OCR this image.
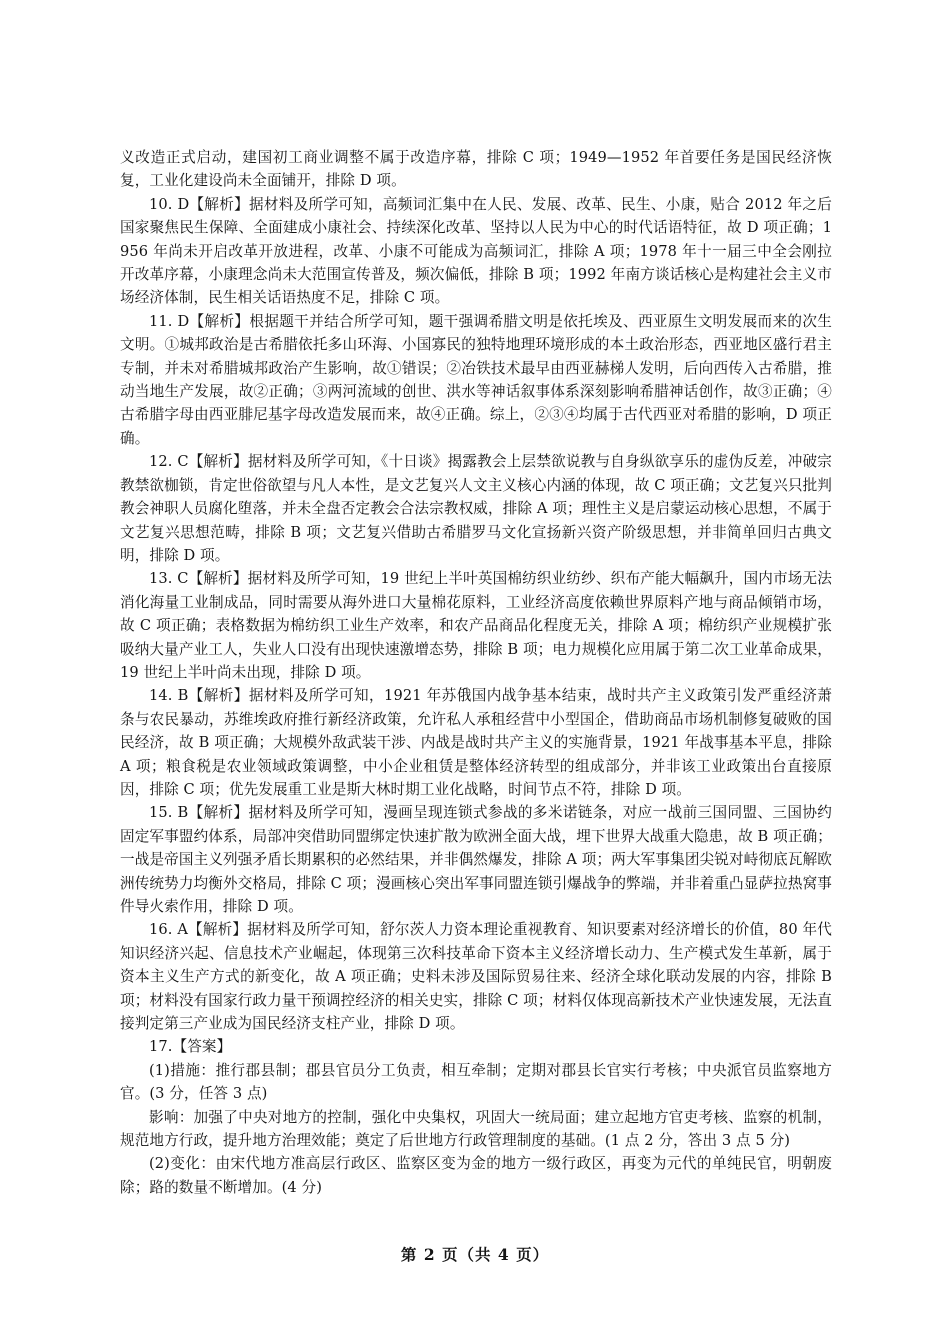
义改造正式启动，建国初工商业调整不属于改造序幕，排除 C 项；1949—1952 年首要任务是国民经济恢复，工业化建设尚未全面铺开，排除 D 项。

10. D【解析】据材料及所学可知，高频词汇集中在人民、发展、改革、民生、小康，贴合 2012 年之后国家聚焦民生保障、全面建成小康社会、持续深化改革、坚持以人民为中心的时代话语特征，故 D 项正确；1956 年尚未开启改革开放进程，改革、小康不可能成为高频词汇，排除 A 项；1978 年十一届三中全会刚拉开改革序幕，小康理念尚未大范围宣传普及，频次偏低，排除 B 项；1992 年南方谈话核心是构建社会主义市场经济体制，民生相关话语热度不足，排除 C 项。

11. D【解析】根据题干并结合所学可知，题干强调希腊文明是依托埃及、西亚原生文明发展而来的次生文明。①城邦政治是古希腊依托多山环海、小国寡民的独特地理环境形成的本土政治形态，西亚地区盛行君主专制，并未对希腊城邦政治产生影响，故①错误；②冶铁技术最早由西亚赫梯人发明，后向西传入古希腊，推动当地生产发展，故②正确；③两河流域的创世、洪水等神话叙事体系深刻影响希腊神话创作，故③正确；④古希腊字母由西亚腓尼基字母改造发展而来，故④正确。综上，②③④均属于古代西亚对希腊的影响，D 项正确。

12. C【解析】据材料及所学可知，《十日谈》揭露教会上层禁欲说教与自身纵欲享乐的虚伪反差，冲破宗教禁欲枷锁，肯定世俗欲望与凡人本性，是文艺复兴人文主义核心内涵的体现，故 C 项正确；文艺复兴只批判教会神职人员腐化堕落，并未全盘否定教会合法宗教权威，排除 A 项；理性主义是启蒙运动核心思想，不属于文艺复兴思想范畴，排除 B 项；文艺复兴借助古希腊罗马文化宣扬新兴资产阶级思想，并非简单回归古典文明，排除 D 项。

13. C【解析】据材料及所学可知，19 世纪上半叶英国棉纺织业纺纱、织布产能大幅飙升，国内市场无法消化海量工业制成品，同时需要从海外进口大量棉花原料，工业经济高度依赖世界原料产地与商品倾销市场，故 C 项正确；表格数据为棉纺织工业生产效率，和农产品商品化程度无关，排除 A 项；棉纺织产业规模扩张吸纳大量产业工人，失业人口没有出现快速激增态势，排除 B 项；电力规模化应用属于第二次工业革命成果，19 世纪上半叶尚未出现，排除 D 项。

14. B【解析】据材料及所学可知，1921 年苏俄国内战争基本结束，战时共产主义政策引发严重经济萧条与农民暴动，苏维埃政府推行新经济政策，允许私人承租经营中小型国企，借助商品市场机制修复破败的国民经济，故 B 项正确；大规模外敌武装干涉、内战是战时共产主义的实施背景，1921 年战事基本平息，排除 A 项；粮食税是农业领域政策调整，中小企业租赁是整体经济转型的组成部分，并非该工业政策出台直接原因，排除 C 项；优先发展重工业是斯大林时期工业化战略，时间节点不符，排除 D 项。

15. B【解析】据材料及所学可知，漫画呈现连锁式参战的多米诺链条，对应一战前三国同盟、三国协约固定军事盟约体系，局部冲突借助同盟绑定快速扩散为欧洲全面大战，埋下世界大战重大隐患，故 B 项正确；一战是帝国主义列强矛盾长期累积的必然结果，并非偶然爆发，排除 A 项；两大军事集团尖锐对峙彻底瓦解欧洲传统势力均衡外交格局，排除 C 项；漫画核心突出军事同盟连锁引爆战争的弊端，并非着重凸显萨拉热窝事件导火索作用，排除 D 项。

16. A【解析】据材料及所学可知，舒尔茨人力资本理论重视教育、知识要素对经济增长的价值，80 年代知识经济兴起、信息技术产业崛起，体现第三次科技革命下资本主义经济增长动力、生产模式发生革新，属于资本主义生产方式的新变化，故 A 项正确；史料未涉及国际贸易往来、经济全球化联动发展的内容，排除 B 项；材料没有国家行政力量干预调控经济的相关史实，排除 C 项；材料仅体现高新技术产业快速发展，无法直接判定第三产业成为国民经济支柱产业，排除 D 项。

17.【答案】

(1)措施：推行郡县制；郡县官员分工负责，相互牵制；定期对郡县长官实行考核；中央派官员监察地方官。(3 分，任答 3 点)

影响：加强了中央对地方的控制，强化中央集权，巩固大一统局面；建立起地方官吏考核、监察的机制，规范地方行政，提升地方治理效能；奠定了后世地方行政管理制度的基础。(1 点 2 分，答出 3 点 5 分)

(2)变化：由宋代地方准高层行政区、监察区变为金的地方一级行政区，再变为元代的单纯民官，明朝废除；路的数量不断增加。(4 分)

第 2 页（共 4 页）
